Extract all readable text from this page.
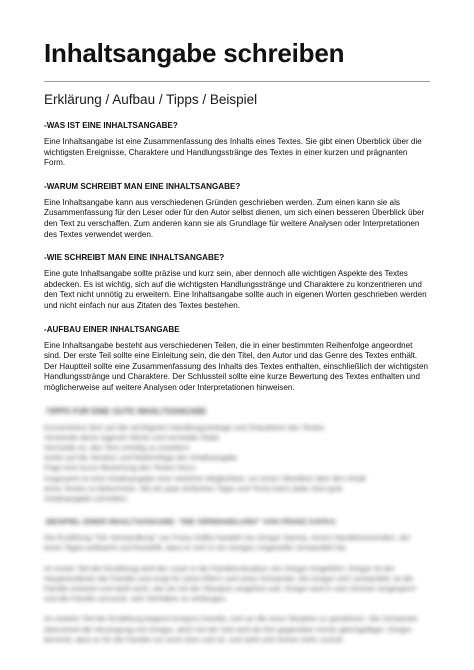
Inhaltsangabe schreiben
Erklärung / Aufbau / Tipps / Beispiel
-WAS IST EINE INHALTSANGABE?
Eine Inhaltsangabe ist eine Zusammenfassung des Inhalts eines Textes. Sie gibt einen Überblick über die wichtigsten Ereignisse, Charaktere und Handlungsstränge des Textes in einer kurzen und prägnanten Form.
-WARUM SCHREIBT MAN EINE INHALTSANGABE?
Eine Inhaltsangabe kann aus verschiedenen Gründen geschrieben werden. Zum einen kann sie als Zusammenfassung für den Leser oder für den Autor selbst dienen, um sich einen besseren Überblick über den Text zu verschaffen. Zum anderen kann sie als Grundlage für weitere Analysen oder Interpretationen des Textes verwendet werden.
-WIE SCHREIBT MAN EINE INHALTSANGABE?
Eine gute Inhaltsangabe sollte präzise und kurz sein, aber dennoch alle wichtigen Aspekte des Textes abdecken. Es ist wichtig, sich auf die wichtigsten Handlungsstränge und Charaktere zu konzentrieren und den Text nicht unnötig zu erweitern. Eine Inhaltsangabe sollte auch in eigenen Worten geschrieben werden und nicht einfach nur aus Zitaten des Textes bestehen.
-AUFBAU EINER INHALTSANGABE
Eine Inhaltsangabe besteht aus verschiedenen Teilen, die in einer bestimmten Reihenfolge angeordnet sind. Der erste Teil sollte eine Einleitung sein, die den Titel, den Autor und das Genre des Textes enthält. Der Hauptteil sollte eine Zusammenfassung des Inhalts des Textes enthalten, einschließlich der wichtigsten Handlungsstränge und Charaktere. Der Schlussteil sollte eine kurze Bewertung des Textes enthalten und möglicherweise auf weitere Analysen oder Interpretationen hinweisen.
-TIPPS FÜR EINE GUTE INHALTSANGABE
Konzentriere dich auf die wichtigsten Handlungsstränge und Charaktere des Textes
Verwende deine eigenen Worte und vermeide Zitate
Vermeide es, den Text unnötig zu erweitern
Achte auf die Struktur und Reihenfolge der Inhaltsangabe
Füge eine kurze Bewertung des Textes hinzu
Insgesamt ist eine Inhaltsangabe eine nützliche Möglichkeit, um einen Überblick über den Inhalt
eines Textes zu bekommen. Mit ein paar einfachen Tipps und Tricks kann jeder eine gute
Inhaltsangabe schreiben.
-BEISPIEL EINER INHALTSANGABE: "DIE VERWANDLUNG" VON FRANZ KAFKA
Die Erzählung "Die Verwandlung" von Franz Kafka handelt von Gregor Samsa, einem Handelsreisenden, der eines Tages aufwacht und feststellt, dass er sich in ein riesiges Ungeziefer verwandelt hat.
Im ersten Teil der Erzählung wird der Leser in die Familiensituation von Gregor eingeführt. Gregor ist der Hauptverdiener der Familie und sorgt für seine Eltern und seine Schwester. Als Gregor sich verwandelt, ist die Familie entsetzt und weiß nicht, wie sie mit der Situation umgehen soll. Gregor wird in sein Zimmer eingesperrt und die Familie versucht, sein Verhalten zu verbergen.
Im zweiten Teil der Erzählung beginnt Gregors Familie, sich an die neue Situation zu gewöhnen. Die Schwester übernimmt die Versorgung von Gregor, doch mit der Zeit wird sie ihm gegenüber immer gleichgültiger. Gregor bemerkt, dass er für die Familie nur noch eine Last ist, und zieht sich immer mehr zurück.
